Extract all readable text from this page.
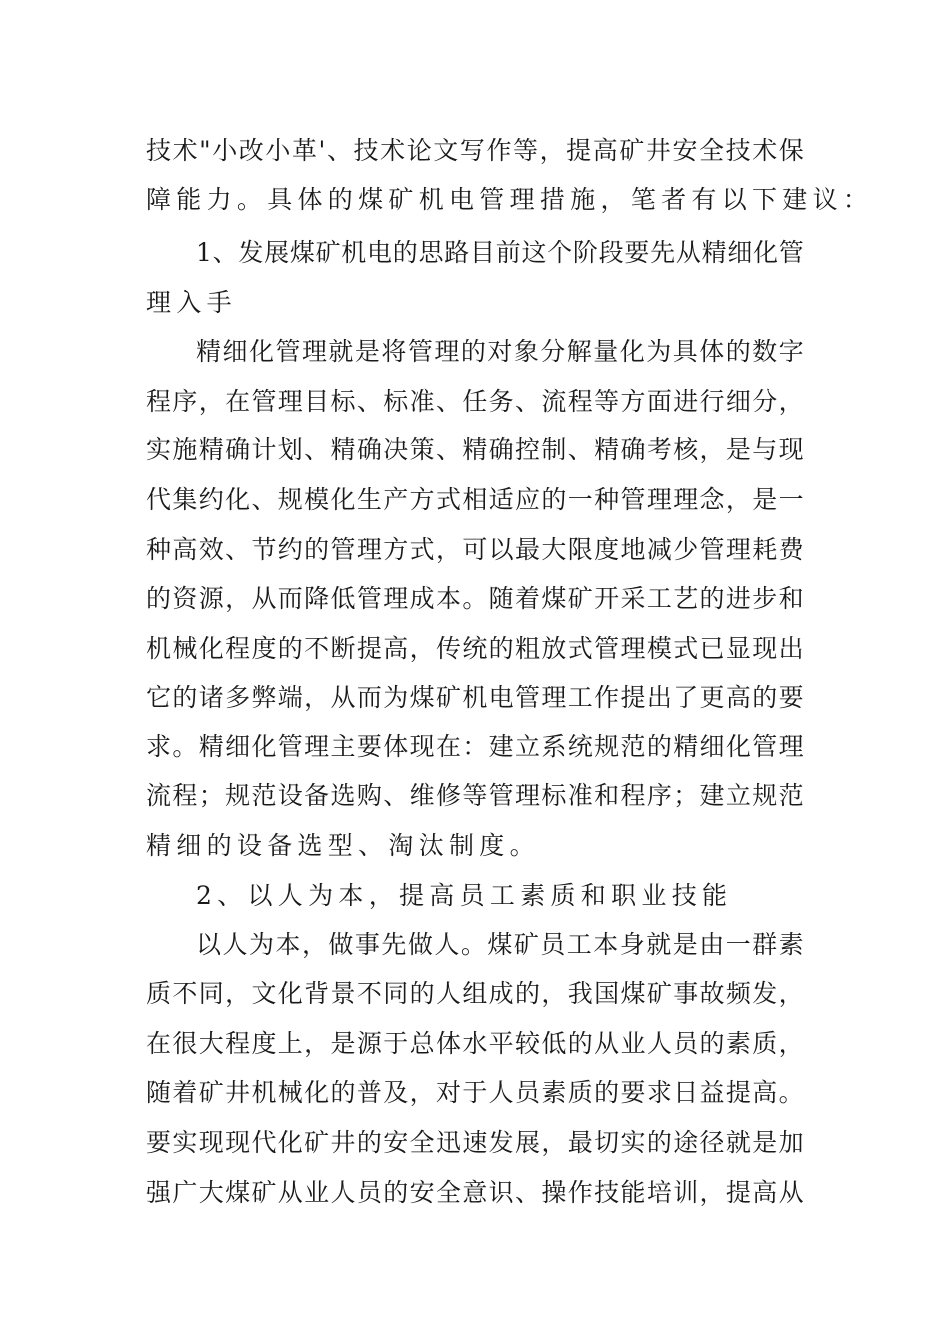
技 术 " 小 改 小 革 ' 、 技 术 论 文 写 作 等 ， 提 高 矿 井 安 全 技 术 保
障能力。具体的煤矿机电管理措施，笔者有以下建议：
1 、 发 展 煤 矿 机 电 的 思 路 目 前 这 个 阶 段 要 先 从 精 细 化 管
理入手
精 细 化 管 理 就 是 将 管 理 的 对 象 分 解 量 化 为 具 体 的 数 字
程 序 ， 在 管 理 目 标 、 标 准 、 任 务 、 流 程 等 方 面 进 行 细 分 ，
实 施 精 确 计 划 、 精 确 决 策 、 精 确 控 制 、 精 确 考 核 ， 是 与 现
代 集 约 化 、 规 模 化 生 产 方 式 相 适 应 的 一 种 管 理 理 念 ， 是 一
种 高 效 、 节 约 的 管 理 方 式 ， 可 以 最 大 限 度 地 减 少 管 理 耗 费
的 资 源 ， 从 而 降 低 管 理 成 本 。 随 着 煤 矿 开 采 工 艺 的 进 步 和
机 械 化 程 度 的 不 断 提 高 ， 传 统 的 粗 放 式 管 理 模 式 已 显 现 出
它 的 诸 多 弊 端 ， 从 而 为 煤 矿 机 电 管 理 工 作 提 出 了 更 高 的 要
求 。 精 细 化 管 理 主 要 体 现 在 ： 建 立 系 统 规 范 的 精 细 化 管 理
流 程 ； 规 范 设 备 选 购 、 维 修 等 管 理 标 准 和 程 序 ； 建 立 规 范
精细的设备选型、淘汰制度。
2、以人为本，提高员工素质和职业技能
以 人 为 本 ， 做 事 先 做 人 。 煤 矿 员 工 本 身 就 是 由 一 群 素
质 不 同 ， 文 化 背 景 不 同 的 人 组 成 的 ， 我 国 煤 矿 事 故 频 发 ，
在 很 大 程 度 上 ， 是 源 于 总 体 水 平 较 低 的 从 业 人 员 的 素 质 ，
随 着 矿 井 机 械 化 的 普 及 ， 对 于 人 员 素 质 的 要 求 日 益 提 高 。
要 实 现 现 代 化 矿 井 的 安 全 迅 速 发 展 ， 最 切 实 的 途 径 就 是 加
强 广 大 煤 矿 从 业 人 员 的 安 全 意 识 、 操 作 技 能 培 训 ， 提 高 从
